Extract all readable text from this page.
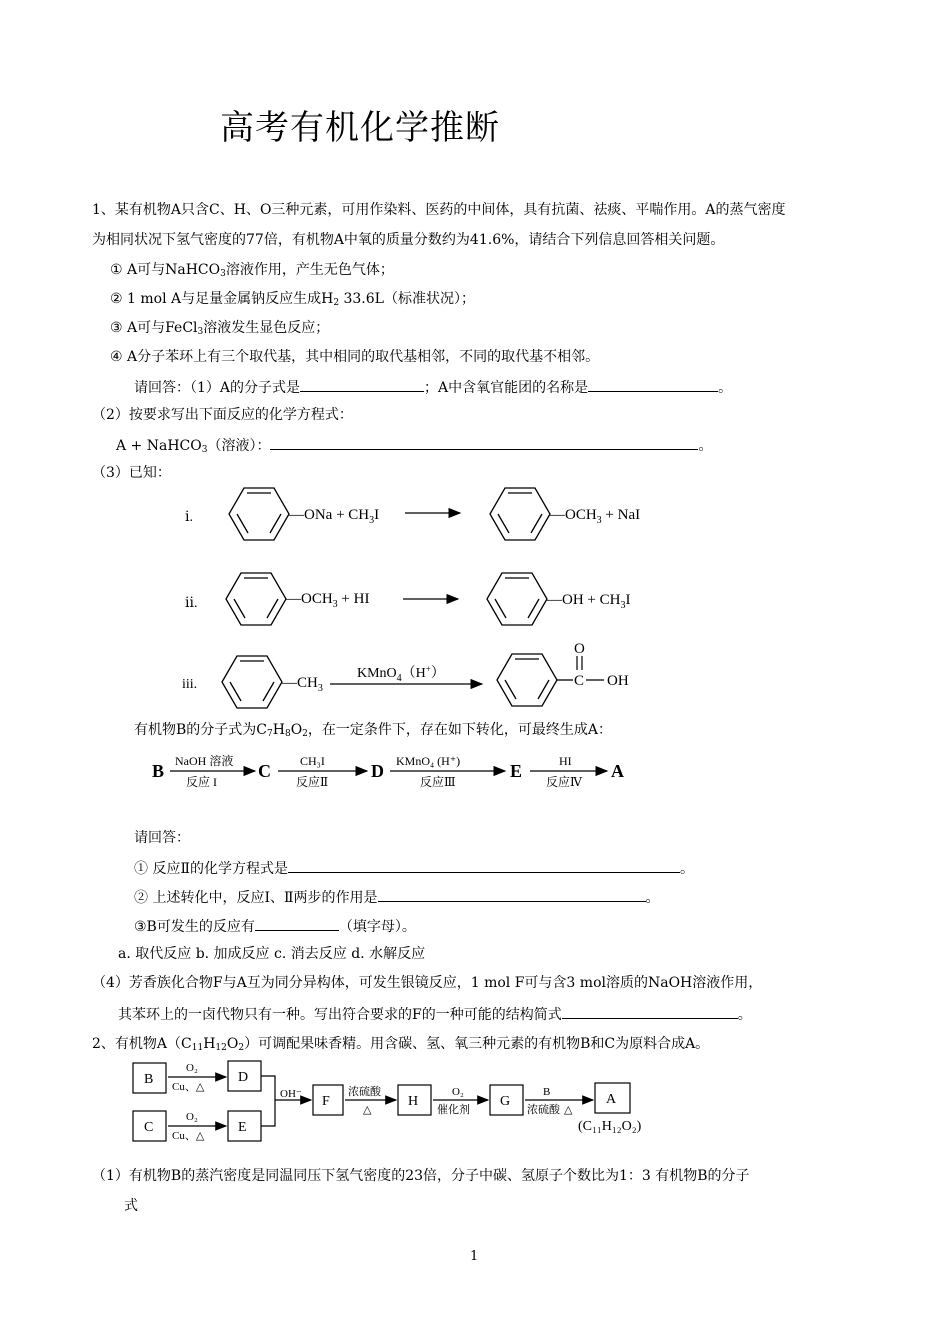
高考有机化学推断
1、某有机物A只含C、H、O三种元素，可用作染料、医药的中间体，具有抗菌、祛痰、平喘作用。A的蒸气密度
为相同状况下氢气密度的77倍，有机物A中氧的质量分数约为41.6%，请结合下列信息回答相关问题。
① A可与NaHCO$_3$溶液作用，产生无色气体；
② 1 mol A与足量金属钠反应生成$H_2$ 33.6L（标准状况）；
③ A可与FeCl$_3$溶液发生显色反应；
④ A分子苯环上有三个取代基，其中相同的取代基相邻，不同的取代基不相邻。
请回答：（1）A的分子式是	；A中含氧官能团的名称是	。
（2）按要求写出下面反应的化学方程式：
A + NaHCO$_3$（溶液）：	。
（3）已知：
ⅰ.	—ONa + $CH_3I$	$—OCH_3$ + NaI
ⅱ.	$—OCH_3$ + HI	—OH + $CH_3I$
iii.	$—CH_3$
KMnO$_4$（H+）	C
O
OH
有机物B的分子式为$C_7H_8O_2$，在一定条件下，存在如下转化，可最终生成A：
B	C	D	E	A
NaOH 溶液
反应 I
CH₃I
反应Ⅱ
KMnO₄ (H⁺)
反应Ⅲ
HI
反应Ⅳ
请回答：
① 反应Ⅱ的化学方程式是	。
② 上述转化中，反应Ⅰ、Ⅱ两步的作用是	。
③B可发生的反应有	（填字母）。
a. 取代反应 b. 加成反应 c. 消去反应 d. 水解反应
（4）芳香族化合物F与A互为同分异构体，可发生银镜反应，1 mol F可与含3 mol溶质的NaOH溶液作用，
其苯环上的一卤代物只有一种。写出符合要求的F的一种可能的结构简式	。
2、有机物$A(C_{11}H_{12}O_2)$可调配果味香精。用含碳、氢、氧三种元素的有机物B和C为原料合成A。
B
C
D
E
F	H	G	A
O₂
Cu、△
O₂
Cu、△
OH⁻	浓硫酸
△
O₂
催化剂
B
浓硫酸 △
(C₁₁H₁₂O₂)
（1）有机物B的蒸汽密度是同温同压下氢气密度的23倍，分子中碳、氢原子个数比为1：3 有机物B的分子
式
1
